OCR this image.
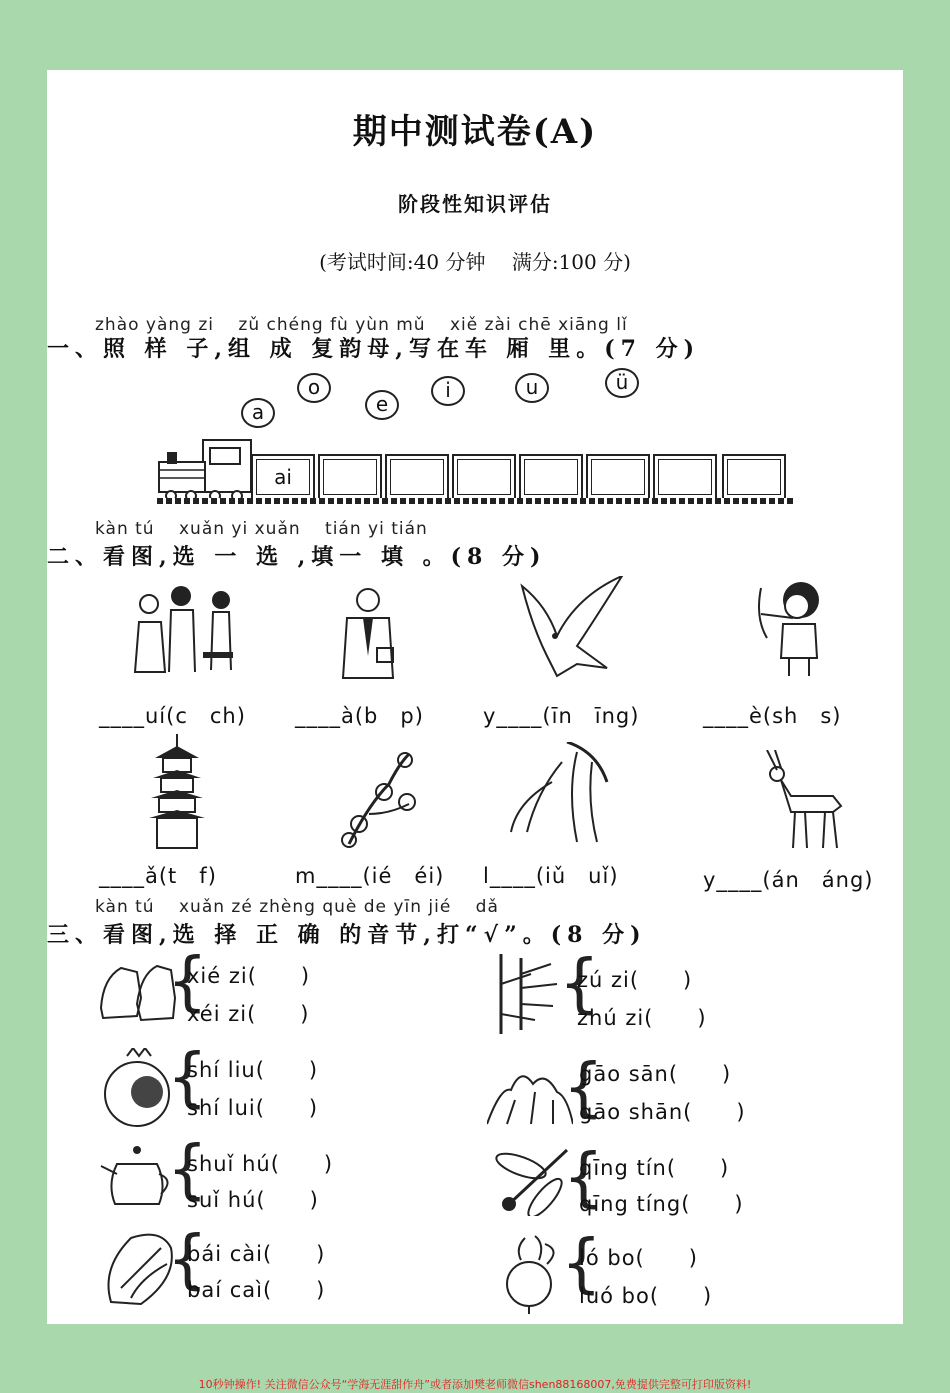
期中测试卷(A)
阶段性知识评估
(考试时间:40 分钟　 满分:100 分)
zhào yàng zi 　zǔ chéng fù yùn mǔ 　xiě zài chē xiāng lǐ
一、照 样 子,组 成 复韵母,写在车 厢 里。(7 分)
a
o
e
i	u	ü
ai
kàn tú 　xuǎn yi xuǎn　 tián yi tián
二、看图,选 一 选 ,填一 填 。(8 分)
____uí(c　ch) ____à(b　p)	y____(īn　īng)	____è(sh　s)
____ǎ(t　f)	m____(ié　éi) l____(iǔ　uǐ)	y____(án　áng)
kàn tú 　xuǎn zé zhèng què de yīn jié　 dǎ
三、看图,选 择 正 确 的音节,打“√”。(8 分)
{
xié zi(　　)
xéi zi(　　)
{
shí liu(　　)
shí lui(　　)
{
shuǐ hú(　　)
suǐ hú(　　)
{
bái cài(　　)
baí caì(　　)
{
zú zi(　　)
zhú zi(　　)
{
gāo sān(　　)
gāo shān(　　)
{
qīng tín(　　)
qīng tíng(　　)
{
ló bo(　　)
luó bo(　　)
10秒钟操作! 关注微信公众号“学海无涯甜作舟”或者添加樊老师微信shen88168007,免费提供完整可打印版资料!
